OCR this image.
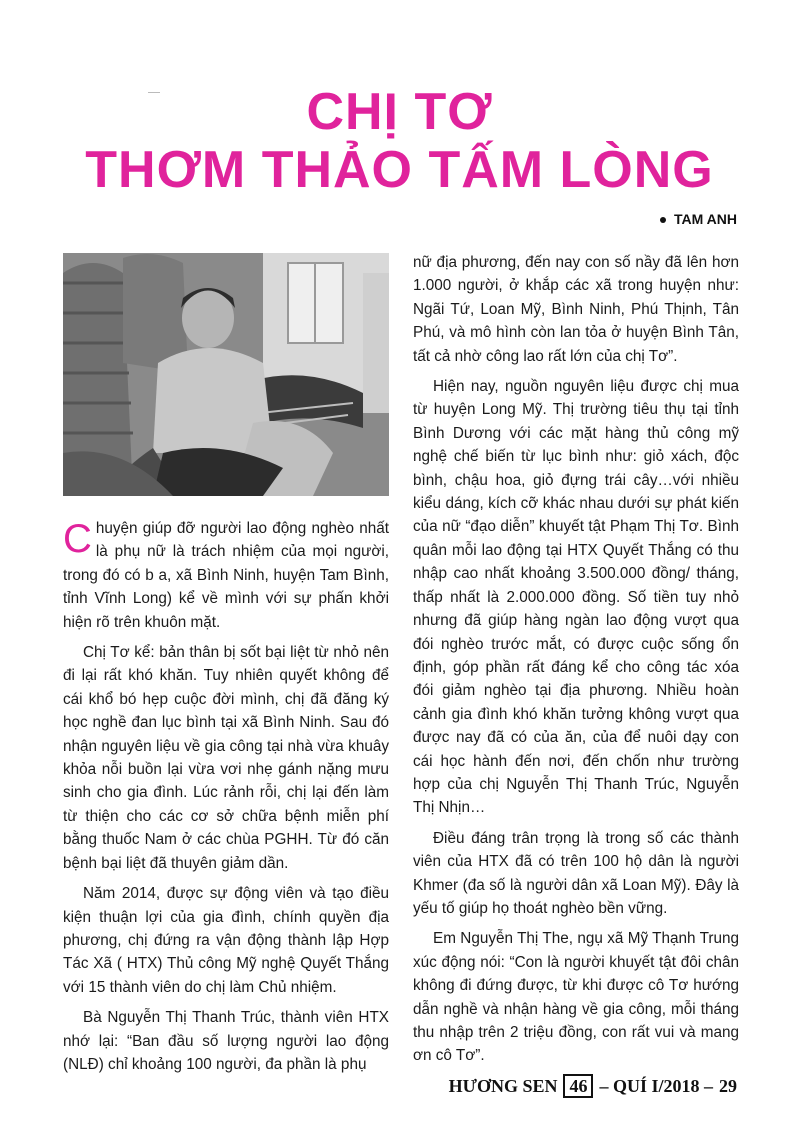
CHỊ TƠ
THƠM THẢO TẤM LÒNG
TAM ANH

Chuyện giúp đỡ người lao động nghèo nhất là phụ nữ là trách nhiệm của mọi người, trong đó có b a, xã Bình Ninh, huyện Tam Bình, tỉnh Vĩnh Long) kể về mình với sự phấn khởi hiện rõ trên khuôn mặt.

Chị Tơ kể: bản thân bị sốt bại liệt từ nhỏ nên đi lại rất khó khăn. Tuy nhiên quyết không để cái khổ bó hẹp cuộc đời mình, chị đã đăng ký học nghề đan lục bình tại xã Bình Ninh. Sau đó nhận nguyên liệu về gia công tại nhà vừa khuây khỏa nỗi buồn lại vừa vơi nhẹ gánh nặng mưu sinh cho gia đình. Lúc rảnh rỗi, chị lại đến làm từ thiện cho các cơ sở chữa bệnh miễn phí bằng thuốc Nam ở các chùa PGHH. Từ đó căn bệnh bại liệt đã thuyên giảm dần.

Năm 2014, được sự động viên và tạo điều kiện thuận lợi của gia đình, chính quyền địa phương, chị đứng ra vận động thành lập Hợp Tác Xã ( HTX) Thủ công Mỹ nghệ Quyết Thắng với 15 thành viên do chị làm Chủ nhiệm.

Bà Nguyễn Thị Thanh Trúc, thành viên HTX nhớ lại: “Ban đầu số lượng người lao động (NLĐ) chỉ khoảng 100 người, đa phần là phụ

nữ địa phương, đến nay con số nầy đã lên hơn 1.000 người, ở khắp các xã trong huyện như: Ngãi Tứ, Loan Mỹ, Bình Ninh, Phú Thịnh, Tân Phú, và mô hình còn lan tỏa ở huyện Bình Tân, tất cả nhờ công lao rất lớn của chị Tơ”.

Hiện nay, nguồn nguyên liệu được chị mua từ huyện Long Mỹ. Thị trường tiêu thụ tại tỉnh Bình Dương với các mặt hàng thủ công mỹ nghệ chế biến từ lục bình như: giỏ xách, độc bình, chậu hoa, giỏ đựng trái cây…với nhiều kiểu dáng, kích cỡ khác nhau dưới sự phát kiến của nữ “đạo diễn” khuyết tật Phạm Thị Tơ. Bình quân mỗi lao động tại HTX Quyết Thắng có thu nhập cao nhất khoảng 3.500.000 đồng/ tháng, thấp nhất là 2.000.000 đồng. Số tiền tuy nhỏ nhưng đã giúp hàng ngàn lao động vượt qua đói nghèo trước mắt, có được cuộc sống ổn định, góp phần rất đáng kể cho công tác xóa đói giảm nghèo tại địa phương. Nhiều hoàn cảnh gia đình khó khăn tưởng không vượt qua được nay đã có của ăn, của để nuôi dạy con cái học hành đến nơi, đến chốn như trường hợp của chị Nguyễn Thị Thanh Trúc, Nguyễn Thị Nhịn…

Điều đáng trân trọng là trong số các thành viên của HTX đã có trên 100 hộ dân là người Khmer (đa số là người dân xã Loan Mỹ). Đây là yếu tố giúp họ thoát nghèo bền vững.

Em Nguyễn Thị The, ngụ xã Mỹ Thạnh Trung xúc động nói: “Con là người khuyết tật đôi chân không đi đứng được, từ khi được cô Tơ hướng dẫn nghề và nhận hàng về gia công, mỗi tháng thu nhập trên 2 triệu đồng, con rất vui và mang ơn cô Tơ”.

HƯƠNG SEN 46 – QUÍ I/2018 – 29
